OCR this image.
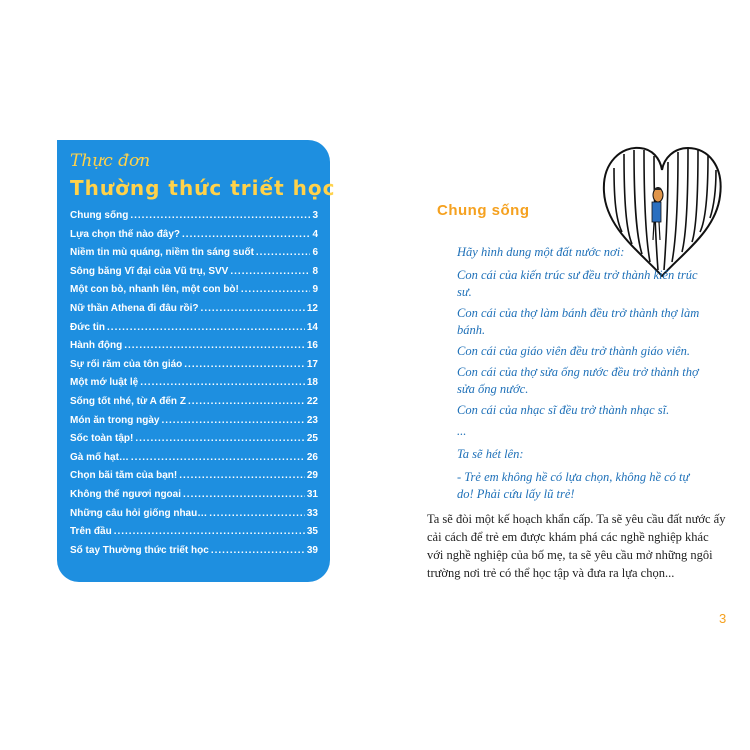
Thực đơn
Thường thức triết học
Chung sống .....	3
Lựa chọn thế nào đây? .....	4
Niềm tin mù quáng, niềm tin sáng suốt .....	6
Sông băng Vĩ đại của Vũ trụ, SVV .....	8
Một con bò, nhanh lên, một con bò! .....	9
Nữ thần Athena đi đâu rồi? .....	12
Đức tin .....	14
Hành động .....	16
Sự rối rắm của tôn giáo .....	17
Một mớ luật lệ .....	18
Sống tốt nhé, từ A đến Z .....	22
Món ăn trong ngày .....	23
Sốc toàn tập! .....	25
Gà mổ hạt… .....	26
Chọn bãi tắm của bạn! .....	29
Không thể ngươi ngoai .....	31
Những câu hỏi giống nhau… .....	33
Trên đầu .....	35
Sổ tay Thường thức triết học .....	39
Chung sống
Hãy hình dung một đất nước nơi:
Con cái của kiến trúc sư đều trở thành kiến trúc sư.
Con cái của thợ làm bánh đều trở thành thợ làm bánh.
Con cái của giáo viên đều trở thành giáo viên.
Con cái của thợ sửa ống nước đều trở thành thợ sửa ống nước.
Con cái của nhạc sĩ đều trở thành nhạc sĩ.
...
Ta sẽ hét lên:
- Trẻ em không hề có lựa chọn, không hề có tự do! Phải cứu lấy lũ trẻ!
Ta sẽ đòi một kế hoạch khẩn cấp. Ta sẽ yêu cầu đất nước ấy cải cách để trẻ em được khám phá các nghề nghiệp khác với nghề nghiệp của bố mẹ, ta sẽ yêu cầu mở những ngôi trường nơi trẻ có thể học tập và đưa ra lựa chọn...
3
